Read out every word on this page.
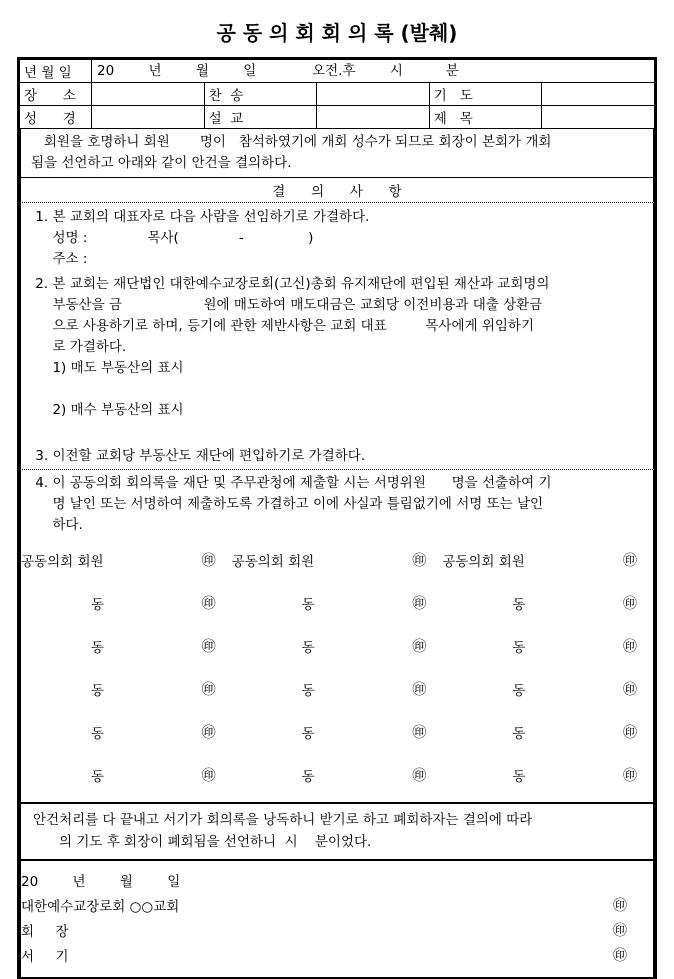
공 동 의 회 회 의 록 (발췌)
년 월 일	20        년        월        일             오전.후        시          분				

장      소		찬  송		기   도	

성      경		설  교		제   목	

회원을 호명하니 회원       명이   참석하였기에 개회 성수가 되므로 회장이 본회가 개회
됨을 선언하고 아래와 같이 안건을 결의하다.
결      의      사      항
1. 본 교회의 대표자로 다음 사람을 선임하기로 가결하다.
성명 :              목사(              -               )
주소 :
2. 본 교회는 재단법인 대한예수교장로회(고신)총회 유지재단에 편입된 재산과 교회명의
부동산을 금                   원에 매도하여 매도대금은 교회당 이전비용과 대출 상환금
으로 사용하기로 하며, 등기에 관한 제반사항은 교회 대표         목사에게 위임하기
로 가결하다.
1) 매도 부동산의 표시

2) 매수 부동산의 표시

3. 이전할 교회당 부동산도 재단에 편입하기로 가결하다.
4. 이 공동의회 회의록을 재단 및 주무관청에 제출할 시는 서명위원      명을 선출하여 기
명 날인 또는 서명하여 제출하도록 가결하고 이에 사실과 틀림없기에 서명 또는 날인
하다.
공동의회 회원	㊞	공동의회 회원	㊞	공동의회 회원	㊞
동	㊞	동	㊞	동	㊞
동	㊞	동	㊞	동	㊞
동	㊞	동	㊞	동	㊞
동	㊞	동	㊞	동	㊞
동	㊞	동	㊞	동	㊞
안건처리를 다 끝내고 서기가 회의록을 낭독하니 받기로 하고 폐회하자는 결의에 따라
의 기도 후 회장이 폐회됨을 선언하니  시    분이었다.
20        년        월        일	
대한예수교장로회 ○○교회	㊞
회     장	㊞
서     기	㊞
